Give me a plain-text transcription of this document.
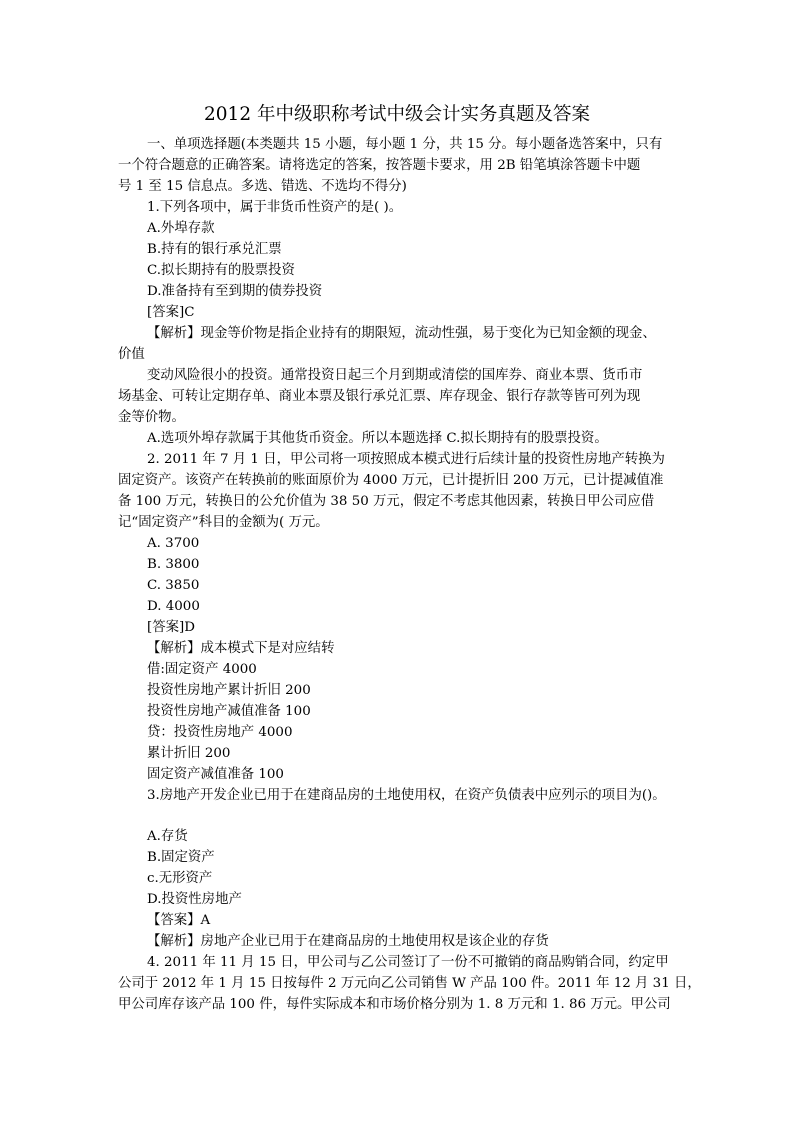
2012 年中级职称考试中级会计实务真题及答案
一、单项选择题(本类题共 15 小题，每小题 1 分，共 15 分。每小题备选答案中，只有
一个符合题意的正确答案。请将选定的答案，按答题卡要求，用 2B 铅笔填涂答题卡中题
号 1 至 15 信息点。多选、错选、不选均不得分)
1.下列各项中，属于非货币性资产的是( )。
A.外埠存款
B.持有的银行承兑汇票
C.拟长期持有的股票投资
D.准备持有至到期的债券投资
[答案]C
【解析】现金等价物是指企业持有的期限短，流动性强，易于变化为已知金额的现金、
价值
变动风险很小的投资。通常投资日起三个月到期或清偿的国库券、商业本票、货币市
场基金、可转让定期存单、商业本票及银行承兑汇票、库存现金、银行存款等皆可列为现
金等价物。
A.选项外埠存款属于其他货币资金。所以本题选择 C.拟长期持有的股票投资。
2. 2011 年 7 月 1 日，甲公司将一项按照成本模式进行后续计量的投资性房地产转换为
固定资产。该资产在转换前的账面原价为 4000 万元，已计提折旧 200 万元，已计提减值准
备 100 万元，转换日的公允价值为 38 50 万元，假定不考虑其他因素，转换日甲公司应借
记“固定资产”科目的金额为( 万元。
A. 3700
B. 3800
C. 3850
D. 4000
[答案]D
【解析】成本模式下是对应结转
借:固定资产 4000
投资性房地产累计折旧 200
投资性房地产减值准备 100
贷：投资性房地产 4000
累计折旧 200
固定资产减值准备 100
3.房地产开发企业已用于在建商品房的土地使用权，在资产负债表中应列示的项目为()。
A.存货
B.固定资产
c.无形资产
D.投资性房地产
【答案】A
【解析】房地产企业已用于在建商品房的土地使用权是该企业的存货
4. 2011 年 11 月 15 日，甲公司与乙公司签订了一份不可撤销的商品购销合同，约定甲
公司于 2012 年 1 月 15 日按每件 2 万元向乙公司销售 W 产品 100 件。2011 年 12 月 31 日，
甲公司库存该产品 100 件，每件实际成本和市场价格分别为 1. 8 万元和 1. 86 万元。甲公司
